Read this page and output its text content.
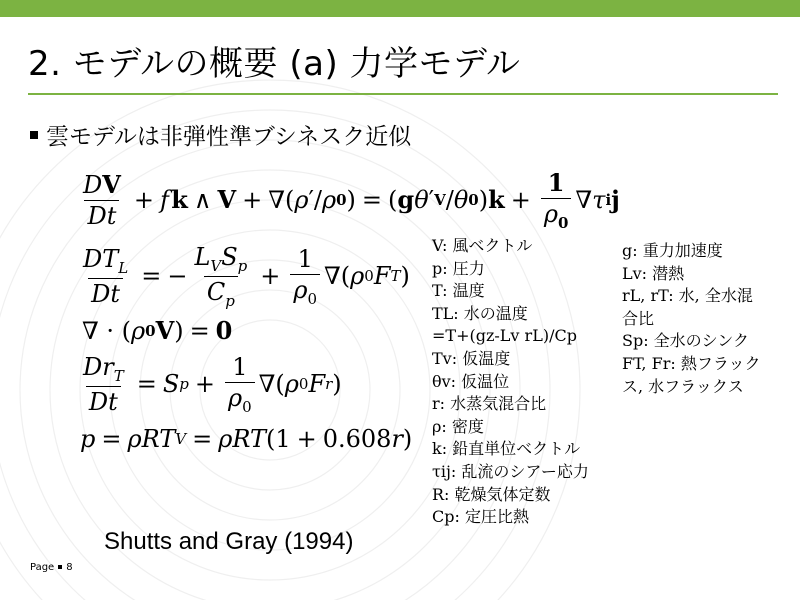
2. モデルの概要 (a) 力学モデル
雲モデルは非弾性準ブシネスク近似
$\frac{DV}{Dt} + f$
  k ∧ V + ∇( ρ ′/ ρ 0 ) = ( g θ ′ V / θ 0 ) $k + \frac{1}{\rho_0}$ ∇ τ i j
$\frac{DT_L}{Dt}$ = − $\frac{L_VS_p}{C_p} + \frac{1}{\rho_0}$ ∇( ρ 0 F T )
∇ · ( ρ 0 V ) = 0
$\frac{Dr_T}{Dt} = S$ $p + \frac{1}{\rho_0}$ ∇( ρ 0 F r )
p = ρRT V = ρRT (1 + 0.608 r )
V: 風ベクトル
p: 圧力
T: 温度
TL: 水の温度
=T+(gz-Lv rL)/Cp
Tv: 仮温度
θv: 仮温位
r: 水蒸気混合比
ρ: 密度
k: 鉛直単位ベクトル
τij: 乱流のシアー応力
R: 乾燥気体定数
Cp: 定圧比熱
g: 重力加速度
Lv: 潜熱
rL, rT: 水, 全水混
合比
Sp: 全水のシンク
FT, Fr: 熱フラック
ス, 水フラックス
Shutts and Gray (1994)
Page 8
